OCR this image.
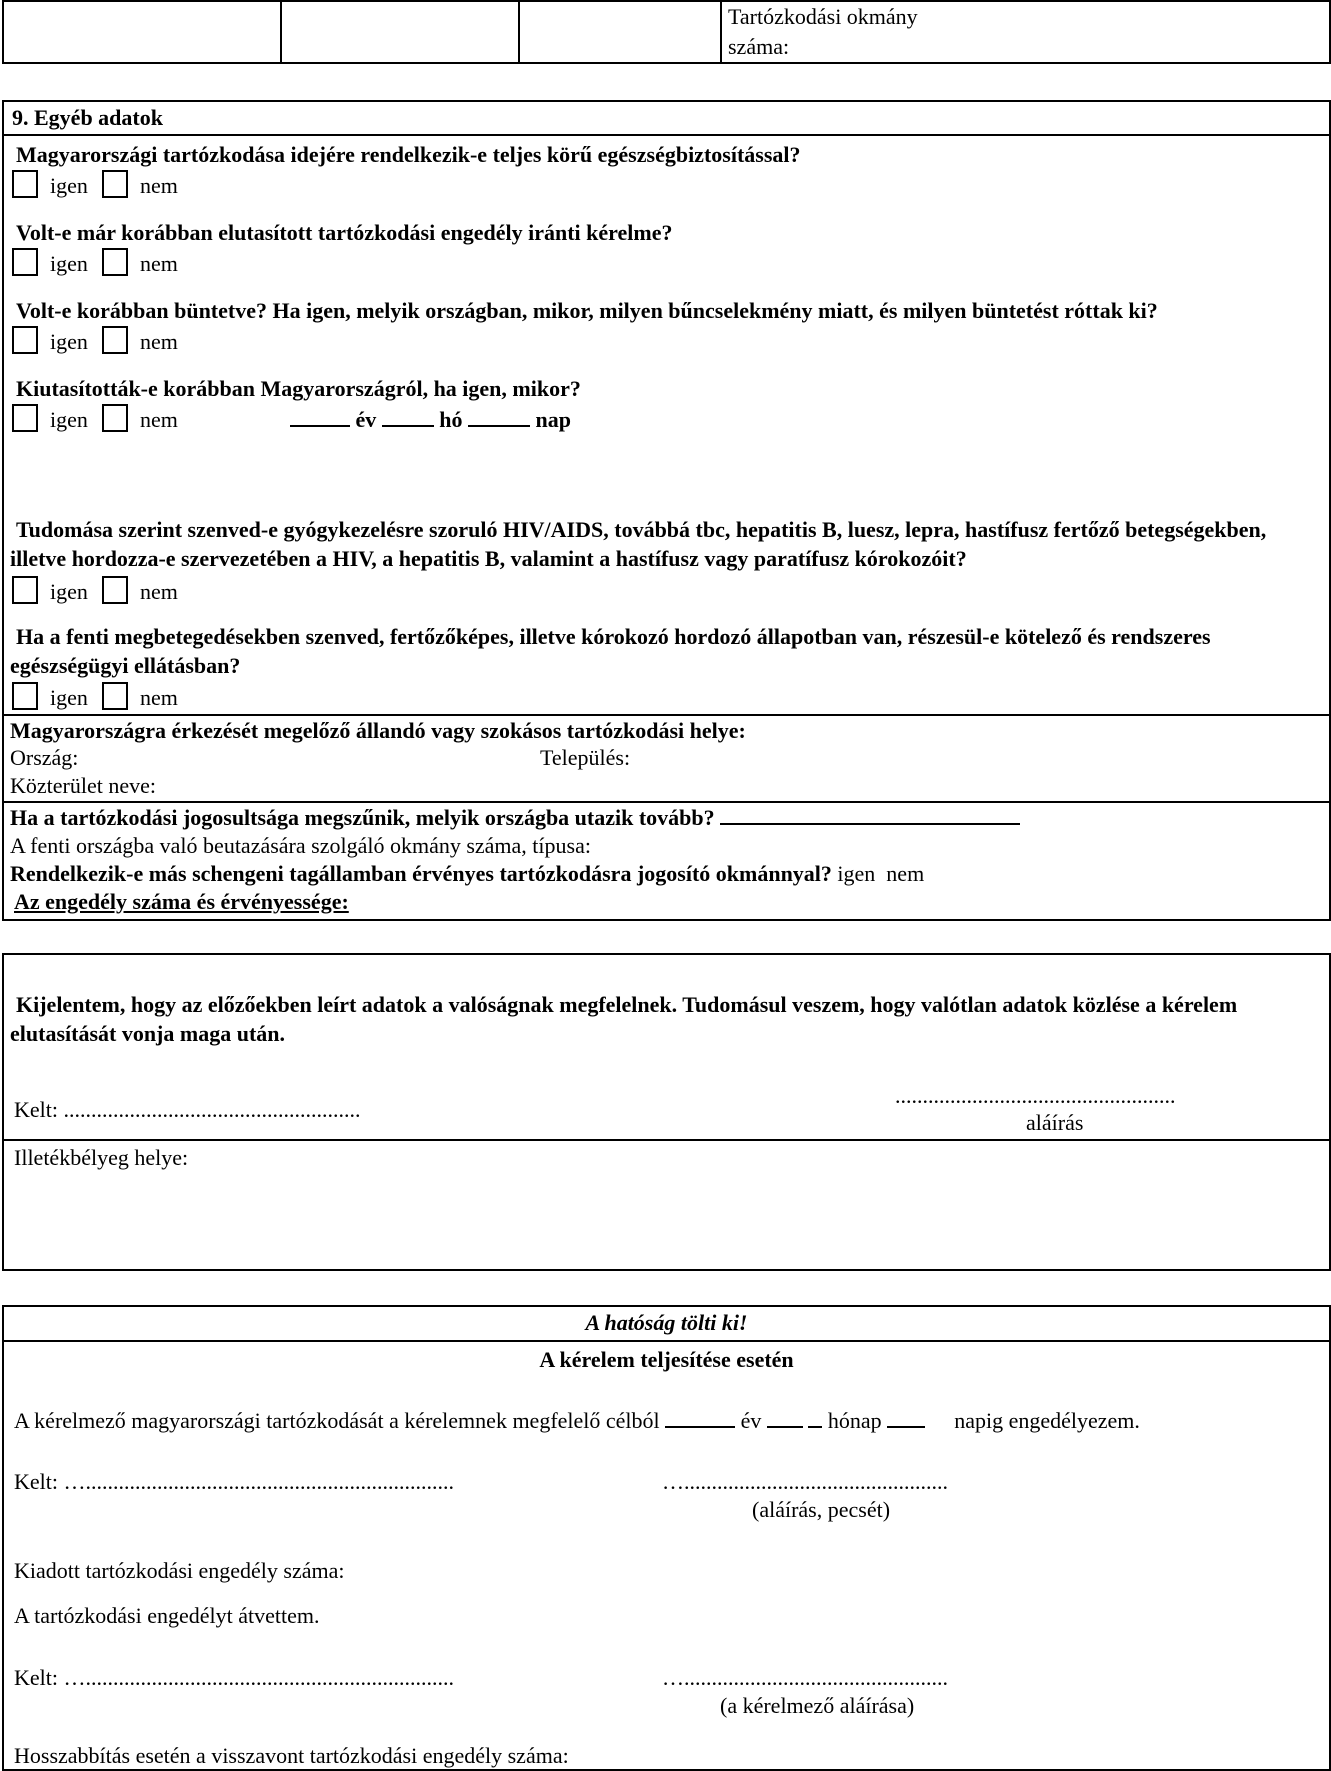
Tartózkodási okmány
száma:
9. Egyéb adatok
Magyarországi tartózkodása idejére rendelkezik-e teljes körű egészségbiztosítással?
igen nem
Volt-e már korábban elutasított tartózkodási engedély iránti kérelme?
igen nem
Volt-e korábban büntetve? Ha igen, melyik országban, mikor, milyen bűncselekmény miatt, és milyen büntetést róttak ki?
igen nem
Kiutasították-e korábban Magyarországról, ha igen, mikor?
igen nem	év	hó	nap
Tudomása szerint szenved-e gyógykezelésre szoruló HIV/AIDS, továbbá tbc, hepatitis B, luesz, lepra, hastífusz fertőző betegségekben, illetve hordozza-e szervezetében a HIV, a hepatitis B, valamint a hastífusz vagy paratífusz kórokozóit?
igen nem
Ha a fenti megbetegedésekben szenved, fertőzőképes, illetve kórokozó hordozó állapotban van, részesül-e kötelező és rendszeres egészségügyi ellátásban?
igen nem
Magyarországra érkezését megelőző állandó vagy szokásos tartózkodási helye:
Ország:	Település:
Közterület neve:
Ha a tartózkodási jogosultsága megszűnik, melyik országba utazik tovább?
A fenti országba való beutazására szolgáló okmány száma, típusa:
Rendelkezik-e más schengeni tagállamban érvényes tartózkodásra jogosító okmánnyal? igen  nem
Az engedély száma és érvényessége:
Kijelentem, hogy az előzőekben leírt adatok a valóságnak megfelelnek. Tudomásul veszem, hogy valótlan adatok közlése a kérelem elutasítását vonja maga után.
Kelt: ......................................................
...................................................
aláírás
Illetékbélyeg helye:
A hatóság tölti ki!
A kérelem teljesítése esetén
A kérelmező magyarországi tartózkodását a kérelemnek megfelelő célból	év	hónap	napig engedélyezem.
Kelt: …...................................................................	…................................................
(aláírás, pecsét)
Kiadott tartózkodási engedély száma:
A tartózkodási engedélyt átvettem.
Kelt: …...................................................................	…................................................
(a kérelmező aláírása)
Hosszabbítás esetén a visszavont tartózkodási engedély száma:
